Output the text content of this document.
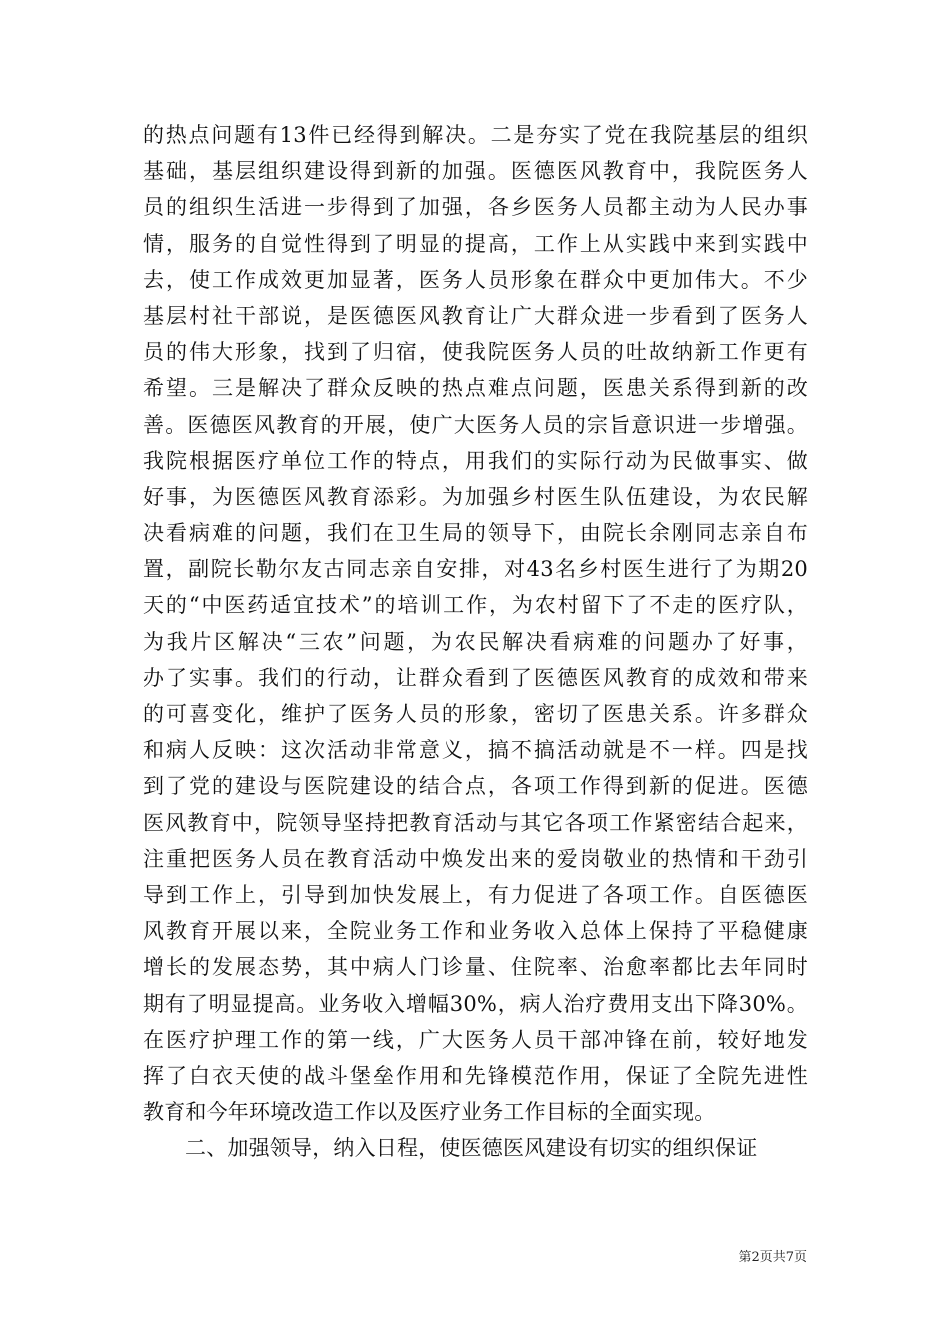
的热点问题有13件已经得到解决。二是夯实了党在我院基层的组织
基础，基层组织建设得到新的加强。医德医风教育中，我院医务人
员的组织生活进一步得到了加强，各乡医务人员都主动为人民办事
情，服务的自觉性得到了明显的提高，工作上从实践中来到实践中
去，使工作成效更加显著，医务人员形象在群众中更加伟大。不少
基层村社干部说，是医德医风教育让广大群众进一步看到了医务人
员的伟大形象，找到了归宿，使我院医务人员的吐故纳新工作更有
希望。三是解决了群众反映的热点难点问题，医患关系得到新的改
善。医德医风教育的开展，使广大医务人员的宗旨意识进一步增强。
我院根据医疗单位工作的特点，用我们的实际行动为民做事实、做
好事，为医德医风教育添彩。为加强乡村医生队伍建设，为农民解
决看病难的问题，我们在卫生局的领导下，由院长余刚同志亲自布
置，副院长勒尔友古同志亲自安排，对43名乡村医生进行了为期20
天的“中医药适宜技术”的培训工作，为农村留下了不走的医疗队，
为我片区解决“三农”问题，为农民解决看病难的问题办了好事，
办了实事。我们的行动，让群众看到了医德医风教育的成效和带来
的可喜变化，维护了医务人员的形象，密切了医患关系。许多群众
和病人反映：这次活动非常意义，搞不搞活动就是不一样。四是找
到了党的建设与医院建设的结合点，各项工作得到新的促进。医德
医风教育中，院领导坚持把教育活动与其它各项工作紧密结合起来，
注重把医务人员在教育活动中焕发出来的爱岗敬业的热情和干劲引
导到工作上，引导到加快发展上，有力促进了各项工作。自医德医
风教育开展以来，全院业务工作和业务收入总体上保持了平稳健康
增长的发展态势，其中病人门诊量、住院率、治愈率都比去年同时
期有了明显提高。业务收入增幅30%，病人治疗费用支出下降30%。
在医疗护理工作的第一线，广大医务人员干部冲锋在前，较好地发
挥了白衣天使的战斗堡垒作用和先锋模范作用，保证了全院先进性
教育和今年环境改造工作以及医疗业务工作目标的全面实现。
二、加强领导，纳入日程，使医德医风建设有切实的组织保证
第2页共7页
